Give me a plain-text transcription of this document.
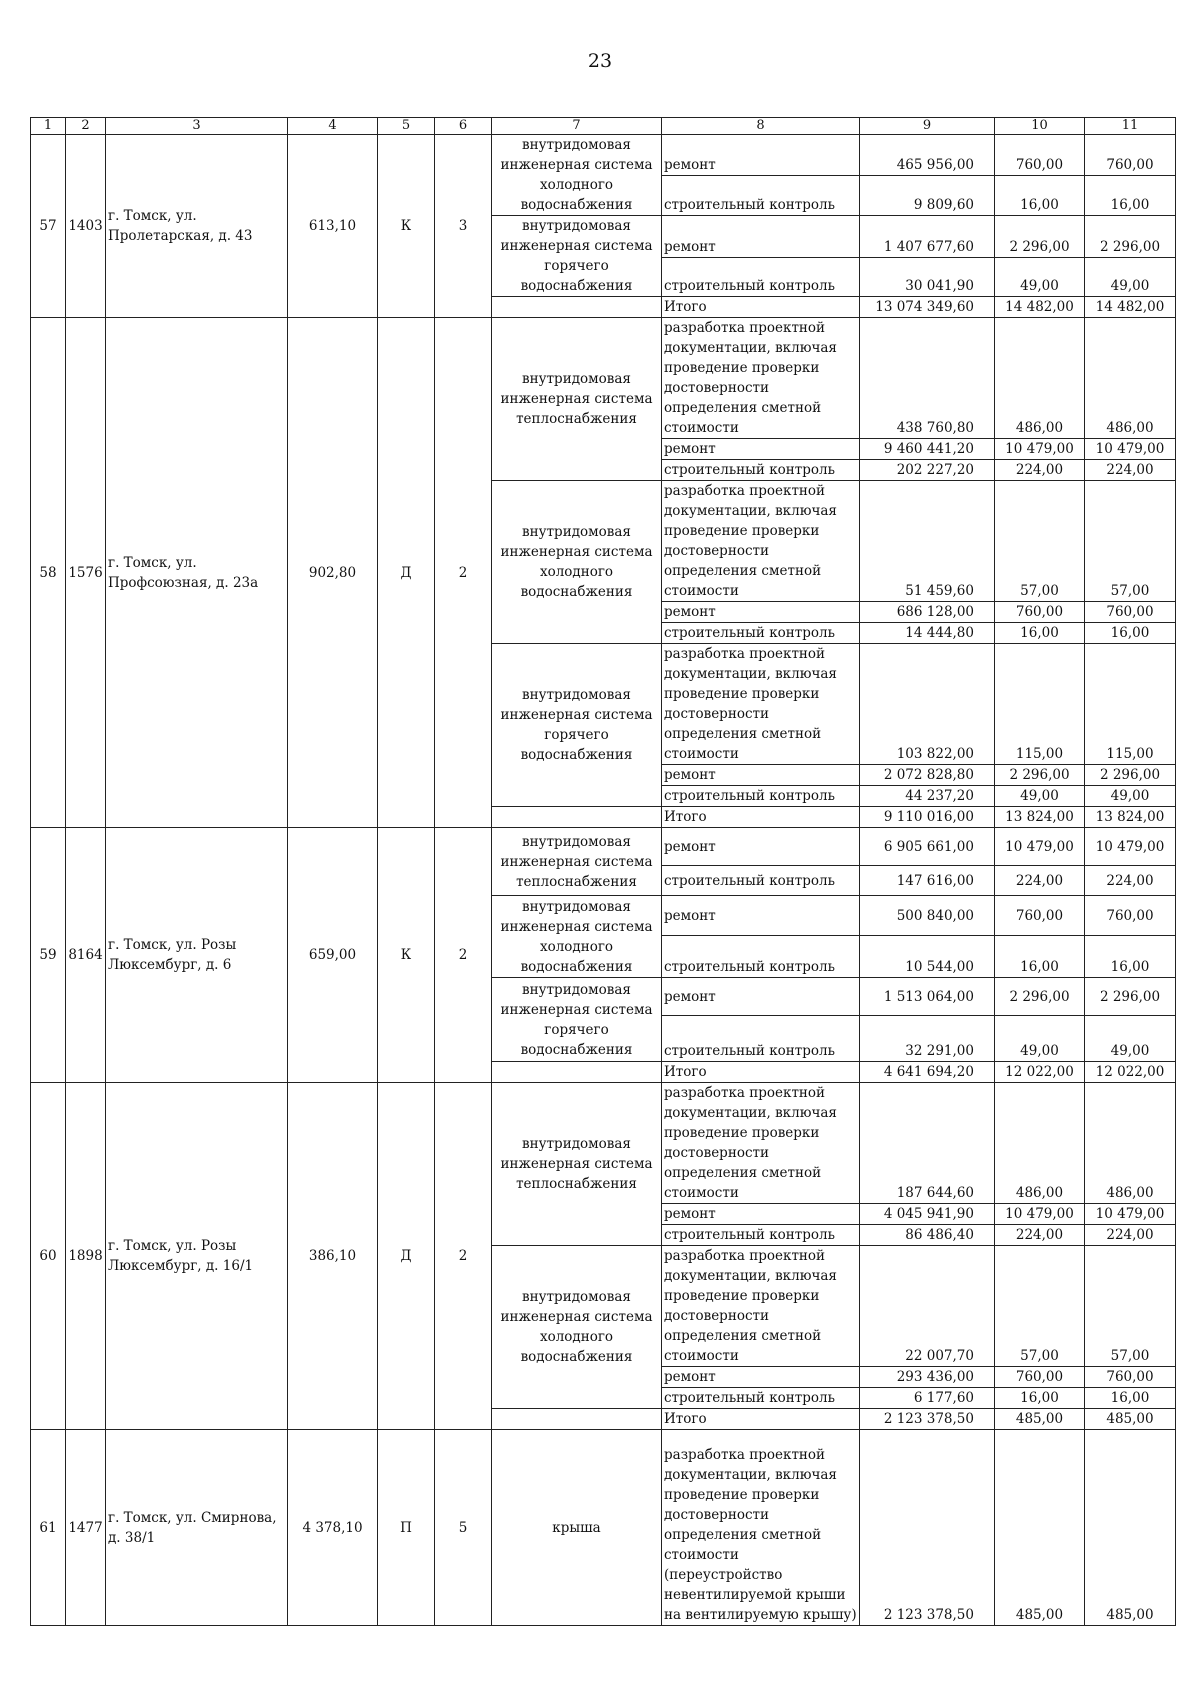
23
1	2	3	4	5	6	7	8	9	10	11
57	1403	г. Томск, ул. Пролетарская, д. 43	613,10	К	3	внутридомовая инженерная система холодного водоснабжения	ремонт	465 956,00	760,00	760,00
							строительный контроль	9 809,60	16,00	16,00
						внутридомовая инженерная система горячего водоснабжения	ремонт	1 407 677,60	2 296,00	2 296,00
							строительный контроль	30 041,90	49,00	49,00
							Итого	13 074 349,60	14 482,00	14 482,00
58	1576	г. Томск, ул. Профсоюзная, д. 23а	902,80	Д	2	внутридомовая инженерная система теплоснабжения	разработка проектной документации, включая проведение проверки достоверности определения сметной стоимости	438 760,80	486,00	486,00
							ремонт	9 460 441,20	10 479,00	10 479,00
							строительный контроль	202 227,20	224,00	224,00
						внутридомовая инженерная система холодного водоснабжения	разработка проектной документации, включая проведение проверки достоверности определения сметной стоимости	51 459,60	57,00	57,00
							ремонт	686 128,00	760,00	760,00
							строительный контроль	14 444,80	16,00	16,00
						внутридомовая инженерная система горячего водоснабжения	разработка проектной документации, включая проведение проверки достоверности определения сметной стоимости	103 822,00	115,00	115,00
							ремонт	2 072 828,80	2 296,00	2 296,00
							строительный контроль	44 237,20	49,00	49,00
							Итого	9 110 016,00	13 824,00	13 824,00
59	8164	г. Томск, ул. Розы Люксембург, д. 6	659,00	К	2	внутридомовая инженерная система теплоснабжения	ремонт	6 905 661,00	10 479,00	10 479,00
							строительный контроль	147 616,00	224,00	224,00
						внутридомовая инженерная система холодного водоснабжения	ремонт	500 840,00	760,00	760,00
							строительный контроль	10 544,00	16,00	16,00
						внутридомовая инженерная система горячего водоснабжения	ремонт	1 513 064,00	2 296,00	2 296,00
							строительный контроль	32 291,00	49,00	49,00
							Итого	4 641 694,20	12 022,00	12 022,00
60	1898	г. Томск, ул. Розы Люксембург, д. 16/1	386,10	Д	2	внутридомовая инженерная система теплоснабжения	разработка проектной документации, включая проведение проверки достоверности определения сметной стоимости	187 644,60	486,00	486,00
							ремонт	4 045 941,90	10 479,00	10 479,00
							строительный контроль	86 486,40	224,00	224,00
						внутридомовая инженерная система холодного водоснабжения	разработка проектной документации, включая проведение проверки достоверности определения сметной стоимости	22 007,70	57,00	57,00
							ремонт	293 436,00	760,00	760,00
							строительный контроль	6 177,60	16,00	16,00
							Итого	2 123 378,50	485,00	485,00
61	1477	г. Томск, ул. Смирнова, д. 38/1	4 378,10	П	5	крыша	разработка проектной документации, включая проведение проверки достоверности определения сметной стоимости (переустройство невентилируемой крыши на вентилируемую крышу)	2 123 378,50	485,00	485,00
